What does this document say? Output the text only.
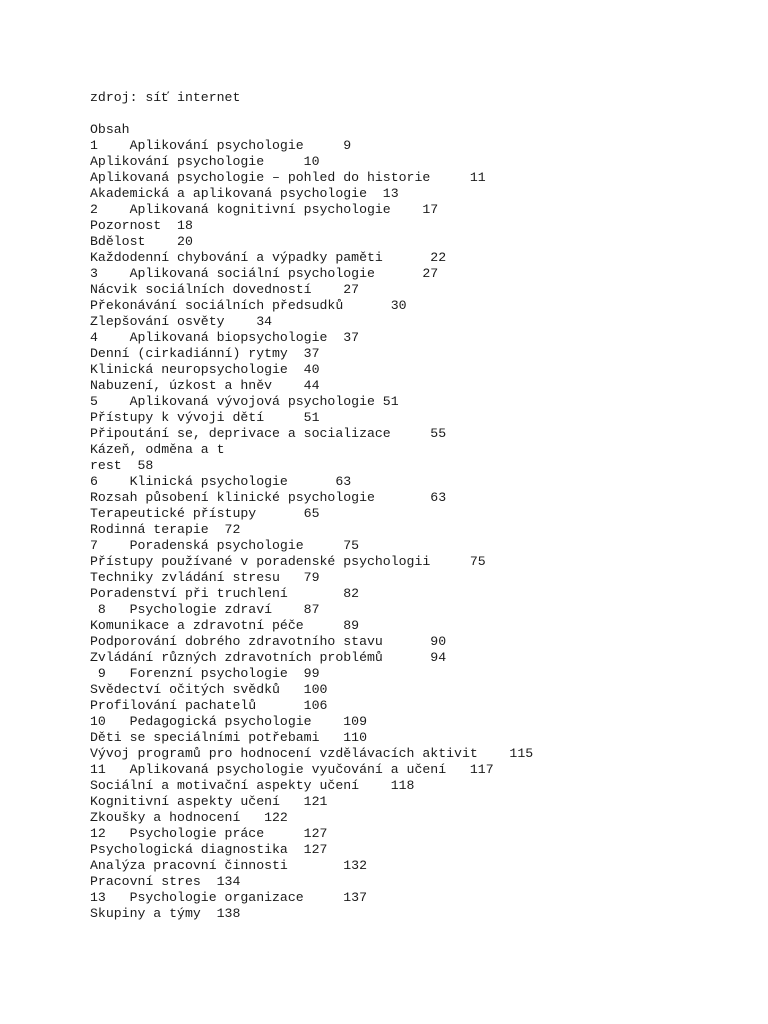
zdroj: síť internet
Obsah
1    Aplikování psychologie     9
Aplikování psychologie     10
Aplikovaná psychologie – pohled do historie     11
Akademická a aplikovaná psychologie  13
2    Aplikovaná kognitivní psychologie    17
Pozornost  18
Bdělost    20
Každodenní chybování a výpadky paměti      22
3    Aplikovaná sociální psychologie      27
Nácvik sociálních dovedností    27
Překonávání sociálních předsudků      30
Zlepšování osvěty    34
4    Aplikovaná biopsychologie  37
Denní (cirkadiánní) rytmy  37
Klinická neuropsychologie  40
Nabuzení, úzkost a hněv    44
5    Aplikovaná vývojová psychologie 51
Přístupy k vývoji dětí     51
Připoutání se, deprivace a socializace     55
Kázeň, odměna a t
rest  58
6    Klinická psychologie      63
Rozsah působení klinické psychologie       63
Terapeutické přístupy      65
Rodinná terapie  72
7    Poradenská psychologie     75
Přístupy používané v poradenské psychologii     75
Techniky zvládání stresu   79
Poradenství při truchlení       82
8   Psychologie zdraví    87
Komunikace a zdravotní péče     89
Podporování dobrého zdravotního stavu      90
Zvládání různých zdravotních problémů      94
9   Forenzní psychologie  99
Svědectví očitých svědků   100
Profilování pachatelů      106
10   Pedagogická psychologie    109
Děti se speciálními potřebami   110
Vývoj programů pro hodnocení vzdělávacích aktivit    115
11   Aplikovaná psychologie vyučování a učení   117
Sociální a motivační aspekty učení    118
Kognitivní aspekty učení   121
Zkoušky a hodnocení   122
12   Psychologie práce     127
Psychologická diagnostika  127
Analýza pracovní činnosti       132
Pracovní stres  134
13   Psychologie organizace     137
Skupiny a týmy  138
